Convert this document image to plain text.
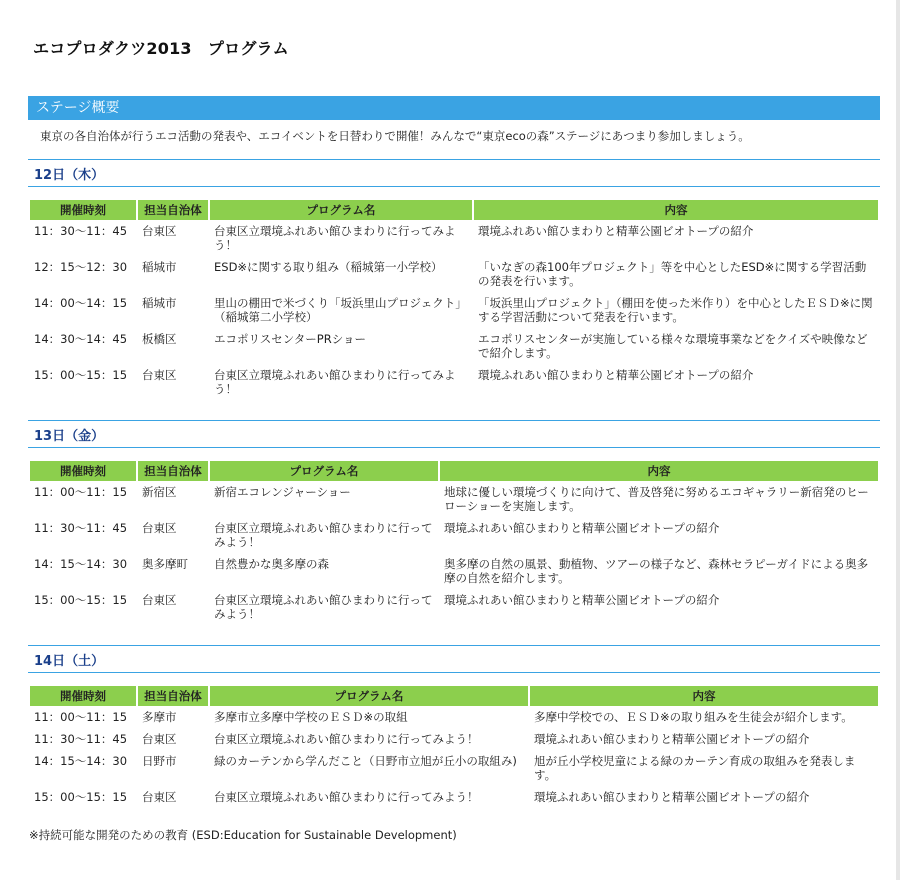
エコプロダクツ2013　プログラム
ステージ概要
東京の各自治体が行うエコ活動の発表や、エコイベントを日替わりで開催！みんなで“東京ecoの森”ステージにあつまり参加しましょう。
12日（木）
開催時刻	担当自治体	プログラム名	内容
11：30～11：45	台東区	台東区立環境ふれあい館ひまわりに行ってみよう！	環境ふれあい館ひまわりと精華公園ビオトープの紹介
12：15～12：30	稲城市	ESD※に関する取り組み（稲城第一小学校）	「いなぎの森100年プロジェクト」等を中心としたESD※に関する学習活動の発表を行います。
14：00～14：15	稲城市	里山の棚田で米づくり「坂浜里山プロジェクト」（稲城第二小学校）	「坂浜里山プロジェクト」（棚田を使った米作り）を中心としたＥＳＤ※に関する学習活動について発表を行います。
14：30～14：45	板橋区	エコポリスセンターPRショー	エコポリスセンターが実施している様々な環境事業などをクイズや映像などで紹介します。
15：00～15：15	台東区	台東区立環境ふれあい館ひまわりに行ってみよう！	環境ふれあい館ひまわりと精華公園ビオトープの紹介
13日（金）
開催時刻	担当自治体	プログラム名	内容
11：00～11：15	新宿区	新宿エコレンジャーショー	地球に優しい環境づくりに向けて、普及啓発に努めるエコギャラリー新宿発のヒーローショーを実施します。
11：30～11：45	台東区	台東区立環境ふれあい館ひまわりに行ってみよう！	環境ふれあい館ひまわりと精華公園ビオトープの紹介
14：15～14：30	奥多摩町	自然豊かな奥多摩の森	奥多摩の自然の風景、動植物、ツアーの様子など、森林セラピーガイドによる奥多摩の自然を紹介します。
15：00～15：15	台東区	台東区立環境ふれあい館ひまわりに行ってみよう！	環境ふれあい館ひまわりと精華公園ビオトープの紹介
14日（土）
開催時刻	担当自治体	プログラム名	内容
11：00～11：15	多摩市	多摩市立多摩中学校のＥＳＤ※の取組	多摩中学校での、ＥＳＤ※の取り組みを生徒会が紹介します。
11：30～11：45	台東区	台東区立環境ふれあい館ひまわりに行ってみよう！	環境ふれあい館ひまわりと精華公園ビオトープの紹介
14：15～14：30	日野市	緑のカーテンから学んだこと（日野市立旭が丘小の取組み)	旭が丘小学校児童による緑のカーテン育成の取組みを発表します。
15：00～15：15	台東区	台東区立環境ふれあい館ひまわりに行ってみよう！	環境ふれあい館ひまわりと精華公園ビオトープの紹介
※持続可能な開発のための教育 (ESD:Education for Sustainable Development)
